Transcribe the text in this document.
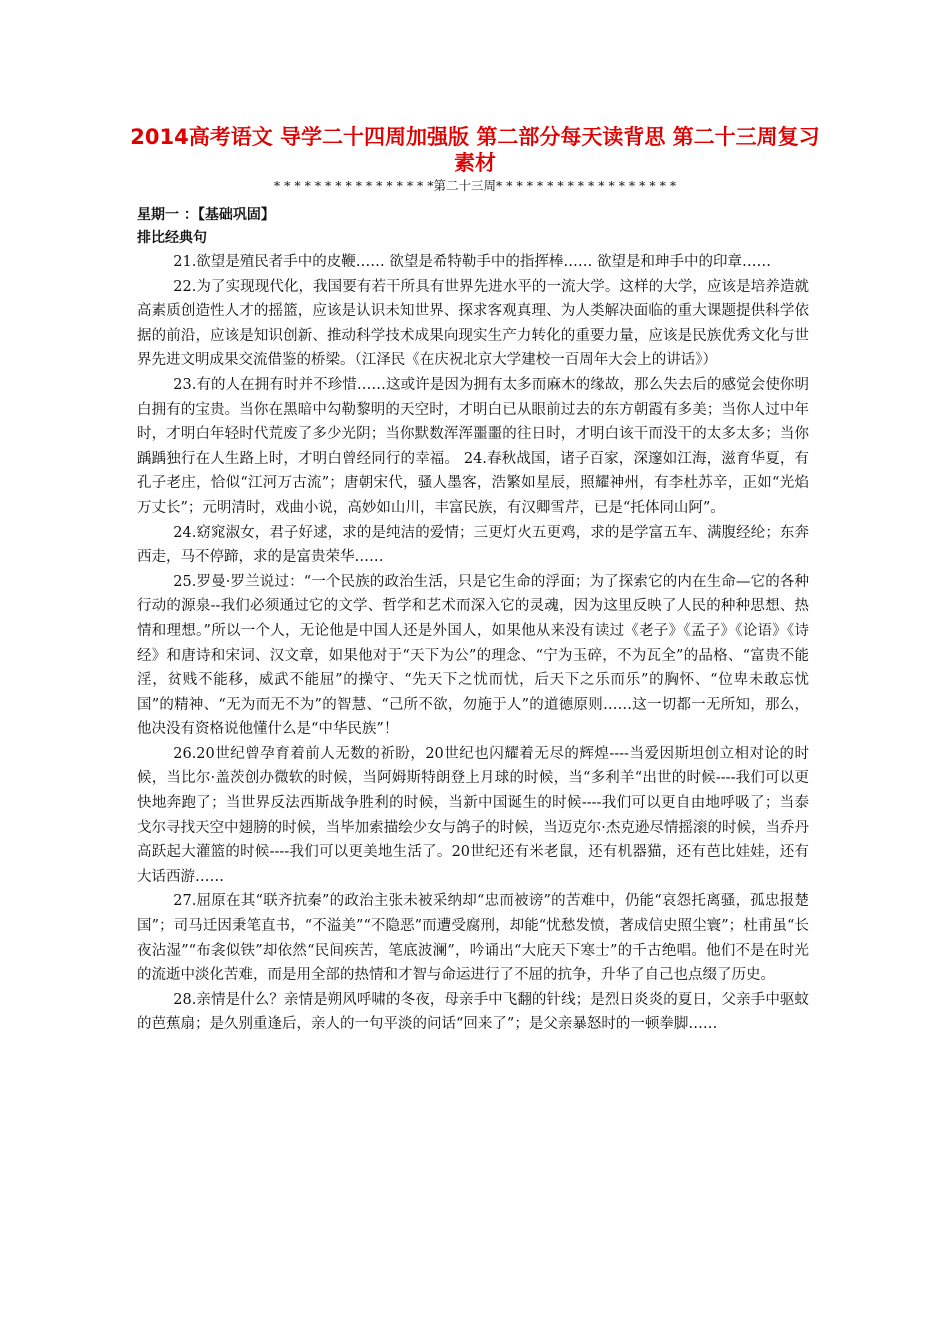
2014高考语文 导学二十四周加强版 第二部分每天读背思 第二十三周复习素材
* * * * * * * * * * * * * * * *第二十三周* * * * * * * * * * * * * * * * * *
星期一 ：【基础巩固】
排比经典句

21.欲望是殖民者手中的皮鞭…… 欲望是希特勒手中的指挥棒…… 欲望是和珅手中的印章……

22.为了实现现代化，我国要有若干所具有世界先进水平的一流大学。这样的大学，应该是培养造就高素质创造性人才的摇篮，应该是认识未知世界、探求客观真理、为人类解决面临的重大课题提供科学依据的前沿，应该是知识创新、推动科学技术成果向现实生产力转化的重要力量，应该是民族优秀文化与世界先进文明成果交流借鉴的桥梁。（江泽民《在庆祝北京大学建校一百周年大会上的讲话》）

23.有的人在拥有时并不珍惜……这或许是因为拥有太多而麻木的缘故，那么失去后的感觉会使你明白拥有的宝贵。当你在黑暗中勾勒黎明的天空时，才明白已从眼前过去的东方朝霞有多美；当你人过中年时，才明白年轻时代荒废了多少光阴；当你默数浑浑噩噩的往日时，才明白该干而没干的太多太多；当你踽踽独行在人生路上时，才明白曾经同行的幸福。 24.春秋战国，诸子百家，深邃如江海，滋育华夏，有孔子老庄，恰似“江河万古流”；唐朝宋代，骚人墨客，浩繁如星辰，照耀神州，有李杜苏辛，正如“光焰万丈长”；元明清时，戏曲小说，高妙如山川，丰富民族，有汉卿雪芹，已是“托体同山阿”。

24.窈窕淑女，君子好逑，求的是纯洁的爱情；三更灯火五更鸡，求的是学富五车、满腹经纶；东奔西走，马不停蹄，求的是富贵荣华……

25.罗曼·罗兰说过：“一个民族的政治生活，只是它生命的浮面；为了探索它的内在生命—它的各种行动的源泉--我们必须通过它的文学、哲学和艺术而深入它的灵魂，因为这里反映了人民的种种思想、热情和理想。”所以一个人，无论他是中国人还是外国人，如果他从来没有读过《老子》《孟子》《论语》《诗经》和唐诗和宋词、汉文章，如果他对于“天下为公”的理念、“宁为玉碎，不为瓦全”的品格、“富贵不能淫，贫贱不能移，威武不能屈”的操守、“先天下之忧而忧，后天下之乐而乐”的胸怀、“位卑未敢忘忧国”的精神、“无为而无不为”的智慧、“己所不欲，勿施于人”的道德原则……这一切都一无所知，那么，他决没有资格说他懂什么是“中华民族”！

26.20世纪曾孕育着前人无数的祈盼，20世纪也闪耀着无尽的辉煌----当爱因斯坦创立相对论的时候，当比尔·盖茨创办微软的时候，当阿姆斯特朗登上月球的时候，当“多利羊“出世的时候----我们可以更快地奔跑了；当世界反法西斯战争胜利的时候，当新中国诞生的时候----我们可以更自由地呼吸了；当泰戈尔寻找天空中翅膀的时候，当毕加索描绘少女与鸽子的时候，当迈克尔·杰克逊尽情摇滚的时候，当乔丹高跃起大灌篮的时候----我们可以更美地生活了。20世纪还有米老鼠，还有机器猫，还有芭比娃娃，还有大话西游……

27.屈原在其“联齐抗秦”的政治主张未被采纳却“忠而被谤”的苦难中，仍能“哀怨托离骚，孤忠报楚国”；司马迁因秉笔直书，“不溢美”“不隐恶”而遭受腐刑，却能“忧愁发愤，著成信史照尘寰”；杜甫虽“长夜沾湿”“布衾似铁”却依然“民间疾苦，笔底波澜”，吟诵出“大庇天下寒士”的千古绝唱。他们不是在时光的流逝中淡化苦难，而是用全部的热情和才智与命运进行了不屈的抗争，升华了自己也点缀了历史。

28.亲情是什么？亲情是朔风呼啸的冬夜，母亲手中飞翻的针线；是烈日炎炎的夏日，父亲手中驱蚊的芭蕉扇；是久别重逢后，亲人的一句平淡的问话“回来了”；是父亲暴怒时的一顿拳脚……
